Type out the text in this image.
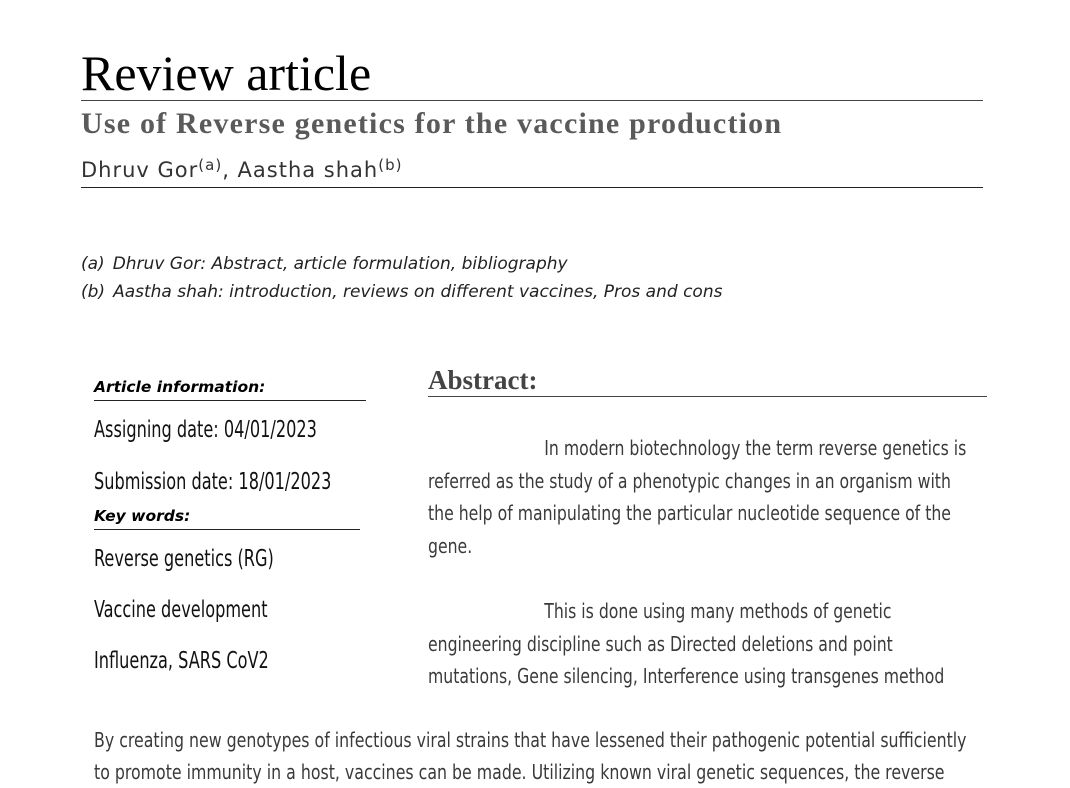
Review article
Use of Reverse genetics for the vaccine production
Dhruv Gor$^{(a)}$, Aastha shah$^{(b)}$
(a) Dhruv Gor: Abstract, article formulation, bibliography
(b) Aastha shah: introduction, reviews on different vaccines, Pros and cons
Article information:
Assigning date: 04/01/2023
Submission date: 18/01/2023
Key words:
Reverse genetics (RG)
Vaccine development
Influenza, SARS CoV2
Abstract:

In modern biotechnology the term reverse genetics is referred as the study of a phenotypic changes in an organism with the help of manipulating the particular nucleotide sequence of the gene.

This is done using many methods of genetic engineering discipline such as Directed deletions and point mutations, Gene silencing, Interference using transgenes method

By creating new genotypes of infectious viral strains that have lessened their pathogenic potential sufficiently to promote immunity in a host, vaccines can be made. Utilizing known viral genetic sequences, the reverse
